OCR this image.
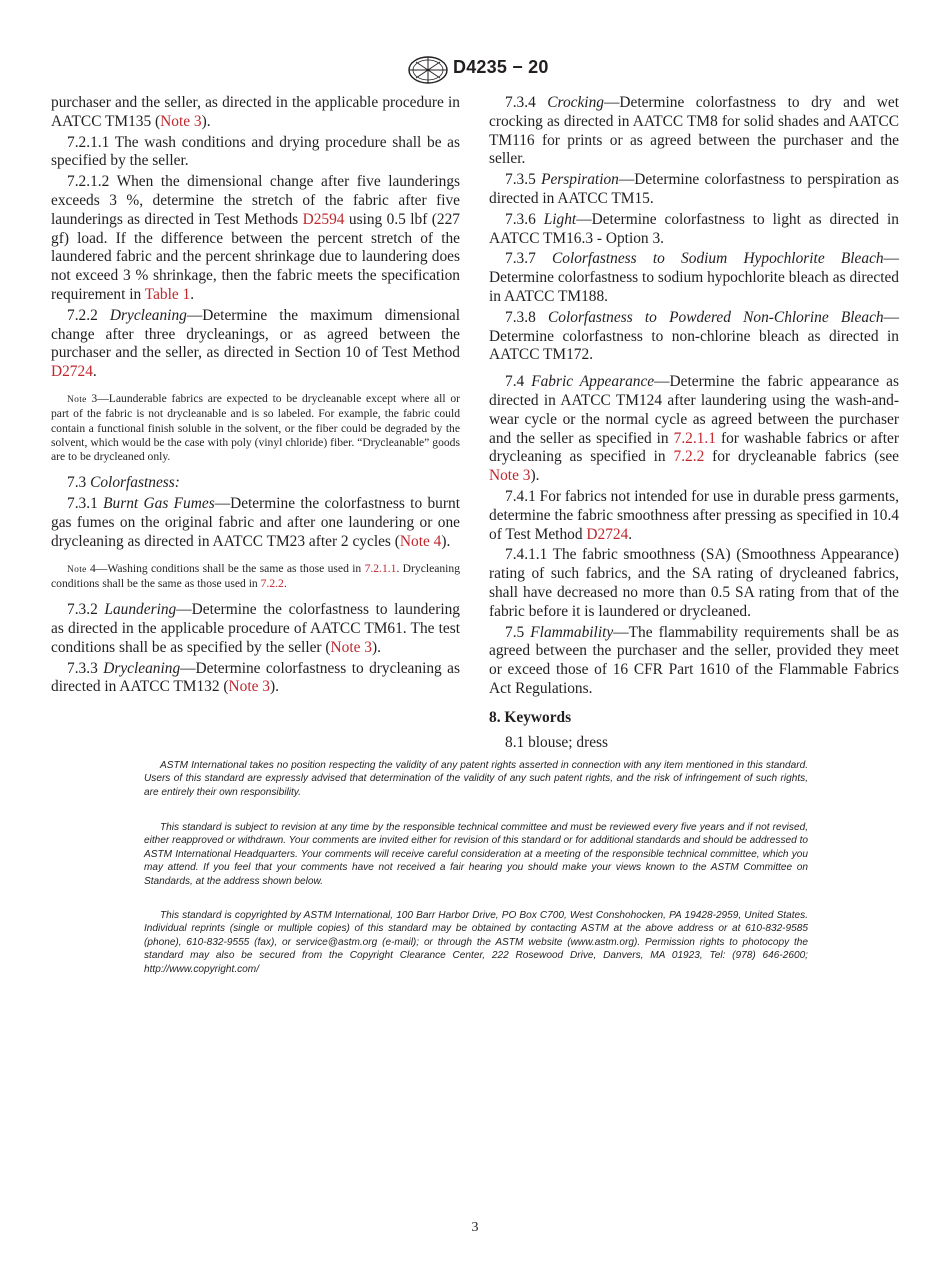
D4235 − 20

purchaser and the seller, as directed in the applicable procedure in AATCC TM135 (Note 3).

7.2.1.1 The wash conditions and drying procedure shall be as specified by the seller.

7.2.1.2 When the dimensional change after five launderings exceeds 3 %, determine the stretch of the fabric after five launderings as directed in Test Methods D2594 using 0.5 lbf (227 gf) load. If the difference between the percent stretch of the laundered fabric and the percent shrinkage due to laundering does not exceed 3 % shrinkage, then the fabric meets the specification requirement in Table 1.

7.2.2 Drycleaning—Determine the maximum dimensional change after three drycleanings, or as agreed between the purchaser and the seller, as directed in Section 10 of Test Method D2724.

Note 3—Launderable fabrics are expected to be drycleanable except where all or part of the fabric is not drycleanable and is so labeled. For example, the fabric could contain a functional finish soluble in the solvent, or the fiber could be degraded by the solvent, which would be the case with poly (vinyl chloride) fiber. “Drycleanable” goods are to be drycleaned only.

7.3 Colorfastness:

7.3.1 Burnt Gas Fumes—Determine the colorfastness to burnt gas fumes on the original fabric and after one laundering or one drycleaning as directed in AATCC TM23 after 2 cycles (Note 4).

Note 4—Washing conditions shall be the same as those used in 7.2.1.1. Drycleaning conditions shall be the same as those used in 7.2.2.

7.3.2 Laundering—Determine the colorfastness to laundering as directed in the applicable procedure of AATCC TM61. The test conditions shall be as specified by the seller (Note 3).

7.3.3 Drycleaning—Determine colorfastness to drycleaning as directed in AATCC TM132 (Note 3).

7.3.4 Crocking—Determine colorfastness to dry and wet crocking as directed in AATCC TM8 for solid shades and AATCC TM116 for prints or as agreed between the purchaser and the seller.

7.3.5 Perspiration—Determine colorfastness to perspiration as directed in AATCC TM15.

7.3.6 Light—Determine colorfastness to light as directed in AATCC TM16.3 - Option 3.

7.3.7 Colorfastness to Sodium Hypochlorite Bleach—Determine colorfastness to sodium hypochlorite bleach as directed in AATCC TM188.

7.3.8 Colorfastness to Powdered Non-Chlorine Bleach—Determine colorfastness to non-chlorine bleach as directed in AATCC TM172.

7.4 Fabric Appearance—Determine the fabric appearance as directed in AATCC TM124 after laundering using the wash-and-wear cycle or the normal cycle as agreed between the purchaser and the seller as specified in 7.2.1.1 for washable fabrics or after drycleaning as specified in 7.2.2 for drycleanable fabrics (see Note 3).

7.4.1 For fabrics not intended for use in durable press garments, determine the fabric smoothness after pressing as specified in 10.4 of Test Method D2724.

7.4.1.1 The fabric smoothness (SA) (Smoothness Appearance) rating of such fabrics, and the SA rating of drycleaned fabrics, shall have decreased no more than 0.5 SA rating from that of the fabric before it is laundered or drycleaned.

7.5 Flammability—The flammability requirements shall be as agreed between the purchaser and the seller, provided they meet or exceed those of 16 CFR Part 1610 of the Flammable Fabrics Act Regulations.

8. Keywords

8.1 blouse; dress

ASTM International takes no position respecting the validity of any patent rights asserted in connection with any item mentioned in this standard. Users of this standard are expressly advised that determination of the validity of any such patent rights, and the risk of infringement of such rights, are entirely their own responsibility.

This standard is subject to revision at any time by the responsible technical committee and must be reviewed every five years and if not revised, either reapproved or withdrawn. Your comments are invited either for revision of this standard or for additional standards and should be addressed to ASTM International Headquarters. Your comments will receive careful consideration at a meeting of the responsible technical committee, which you may attend. If you feel that your comments have not received a fair hearing you should make your views known to the ASTM Committee on Standards, at the address shown below.

This standard is copyrighted by ASTM International, 100 Barr Harbor Drive, PO Box C700, West Conshohocken, PA 19428-2959, United States. Individual reprints (single or multiple copies) of this standard may be obtained by contacting ASTM at the above address or at 610-832-9585 (phone), 610-832-9555 (fax), or service@astm.org (e-mail); or through the ASTM website (www.astm.org). Permission rights to photocopy the standard may also be secured from the Copyright Clearance Center, 222 Rosewood Drive, Danvers, MA 01923, Tel: (978) 646-2600; http://www.copyright.com/

3
